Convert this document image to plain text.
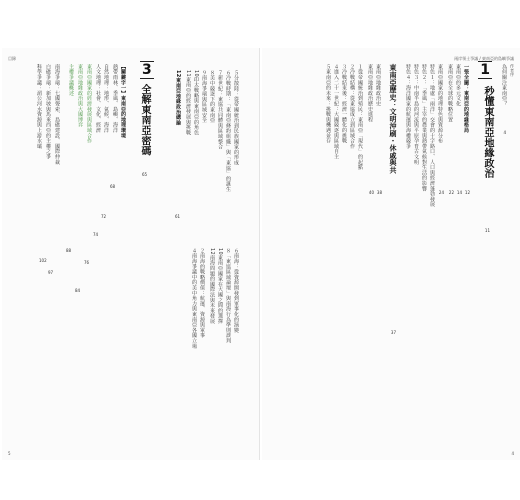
目錄
５分散陸：從帝國統治到民族國家的形成
６冷戰時期：「東南亞條約組織」與「東協」的誕生
７新世紀：東協共同體與區域整合
８美中競逐下的東南亞
９南海爭端與區域安全
10印太戰略與東南亞的角色
11東南亞的經濟發展與挑戰
12東南亞地緣政治總論
61
６南海：從資源開發到軍事化的演變
８「東協區域論壇」與南海行為準則談判
10東南亞國家在大國之間的選擇
12南海問題的國際法與未來發展
２南海的戰略價值：航運、資源與軍事
４南海爭議中的美中角力與東南亞各國立場
3
全解東南亞密碼
65
【關鍵字一】東南亞的地理環境
熱帶雨林、季風、島嶼、海洋
68
自然地理：地形、氣候、海洋
72
人文地理：社會、文化、經濟
74
東南亞國家的經濟發展與區域合作
76
東南亞地緣政治與大國博弈
84
主權爭議概述
88
南海爭端：七國聲索、島礁建設、國際仲裁
97
白礁爭端：新加坡與馬來西亞的主權之爭
102
科學爭議：湄公河水資源與上游水壩
5
兩岸領土爭議 / 東南亞的島嶼爭議
作者序
為何關注東南亞？
4
1
秒懂東南亞地緣政治
11
一張全圖：東南亞的地緣格局
12
東南亞的多元文化
14
東南亞在全球的戰略位置
22
東南亞國家的地理特色與資源分布
24
特色１：地處「兩洋」交會的十字路口、人口與經濟蓬勃發展
特色２：「季風」主宰的農業與熱帶氣候對生活的影響
特色３：中南半島的河流與平原孕育古文明
特色４：海洋國家的航運與海權競爭
東南亞歷史：文明沖刷・休戚與共
37
東南亞地緣政治史
38
東南亞地緣政治歷史進程
40
１從帝國統治到殖民：東南亞「現代」的起點
２冷戰結構：從東協成立到區域合作
３冷戰結束後：經濟一體化的挑戰
４進入二十一世紀：大國競逐與區域自主
５東南亞的未來：挑戰與機遇並存
4
